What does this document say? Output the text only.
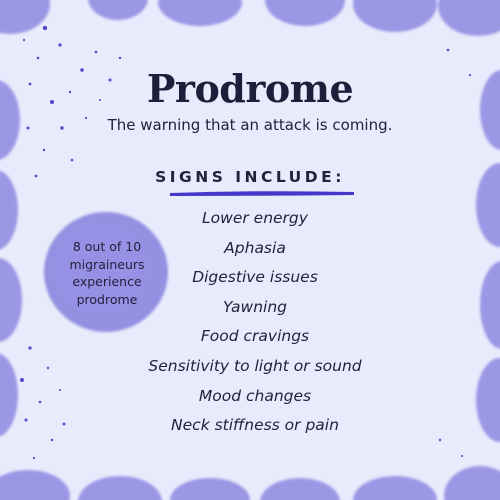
Prodrome
The warning that an attack is coming.
SIGNS INCLUDE:
Lower energy
Aphasia
Digestive issues
Yawning
Food cravings
Sensitivity to light or sound
Mood changes
Neck stiffness or pain
8 out of 10
migraineurs
experience
prodrome
